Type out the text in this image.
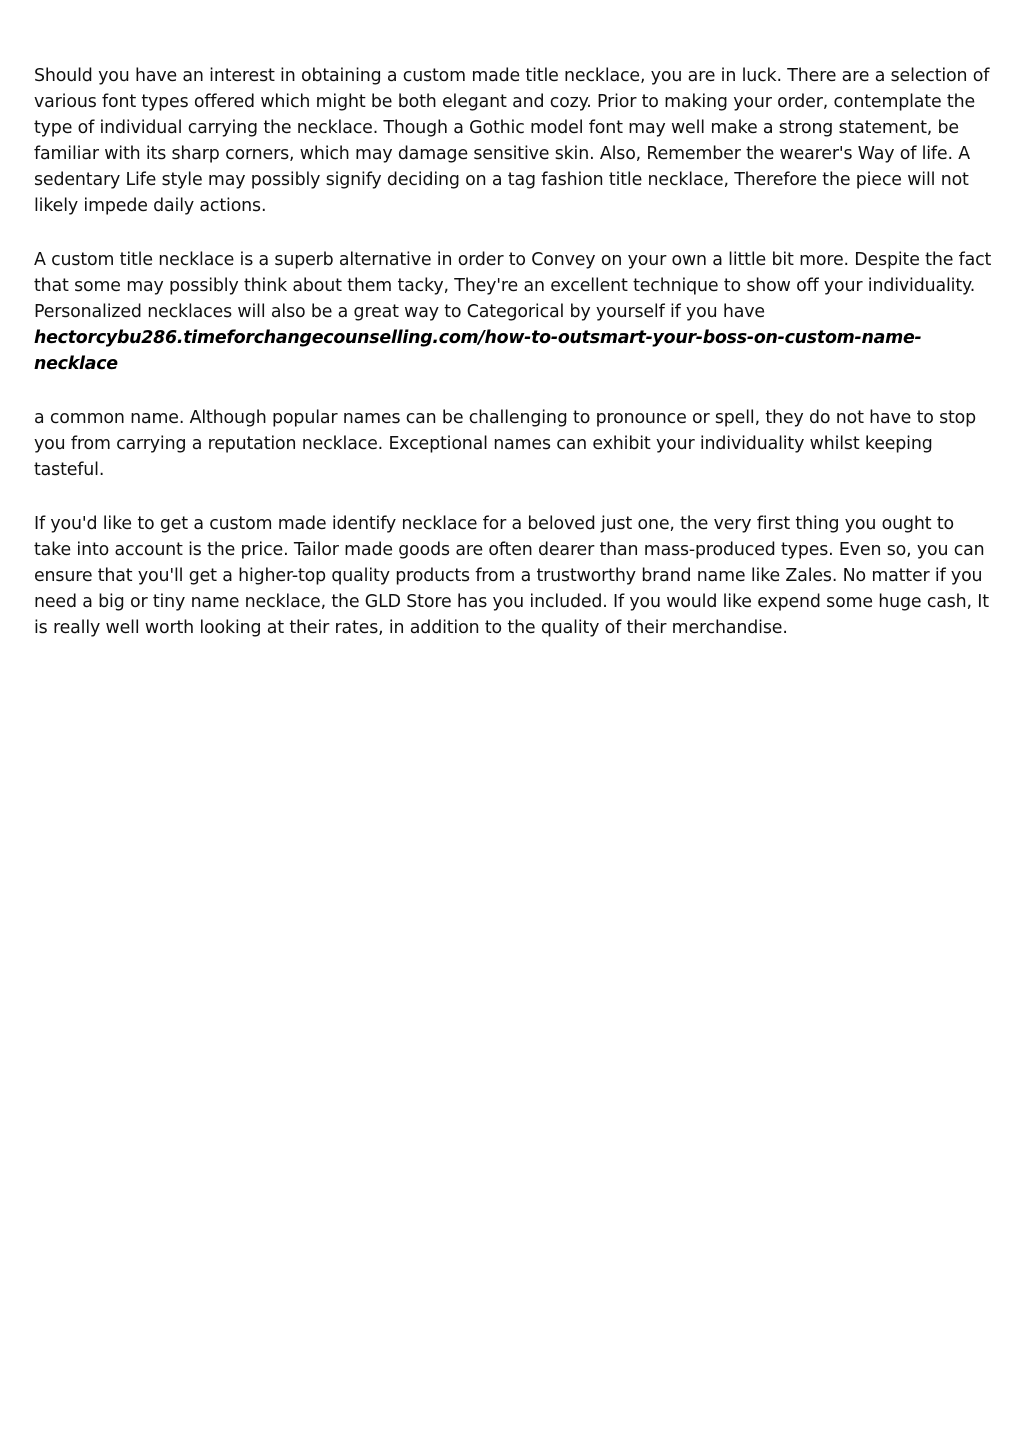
Should you have an interest in obtaining a custom made title necklace, you are in luck. There are a selection of various font types offered which might be both elegant and cozy. Prior to making your order, contemplate the type of individual carrying the necklace. Though a Gothic model font may well make a strong statement, be familiar with its sharp corners, which may damage sensitive skin. Also, Remember the wearer's Way of life. A sedentary Life style may possibly signify deciding on a tag fashion title necklace, Therefore the piece will not likely impede daily actions.

A custom title necklace is a superb alternative in order to Convey on your own a little bit more. Despite the fact that some may possibly think about them tacky, They're an excellent technique to show off your individuality. Personalized necklaces will also be a great way to Categorical by yourself if you have
hectorcybu286.timeforchangecounselling.com/how-to-outsmart-your-boss-on-custom-name-necklace

a common name. Although popular names can be challenging to pronounce or spell, they do not have to stop you from carrying a reputation necklace. Exceptional names can exhibit your individuality whilst keeping tasteful.

If you'd like to get a custom made identify necklace for a beloved just one, the very first thing you ought to take into account is the price. Tailor made goods are often dearer than mass-produced types. Even so, you can ensure that you'll get a higher-top quality products from a trustworthy brand name like Zales. No matter if you need a big or tiny name necklace, the GLD Store has you included. If you would like expend some huge cash, It is really well worth looking at their rates, in addition to the quality of their merchandise.
